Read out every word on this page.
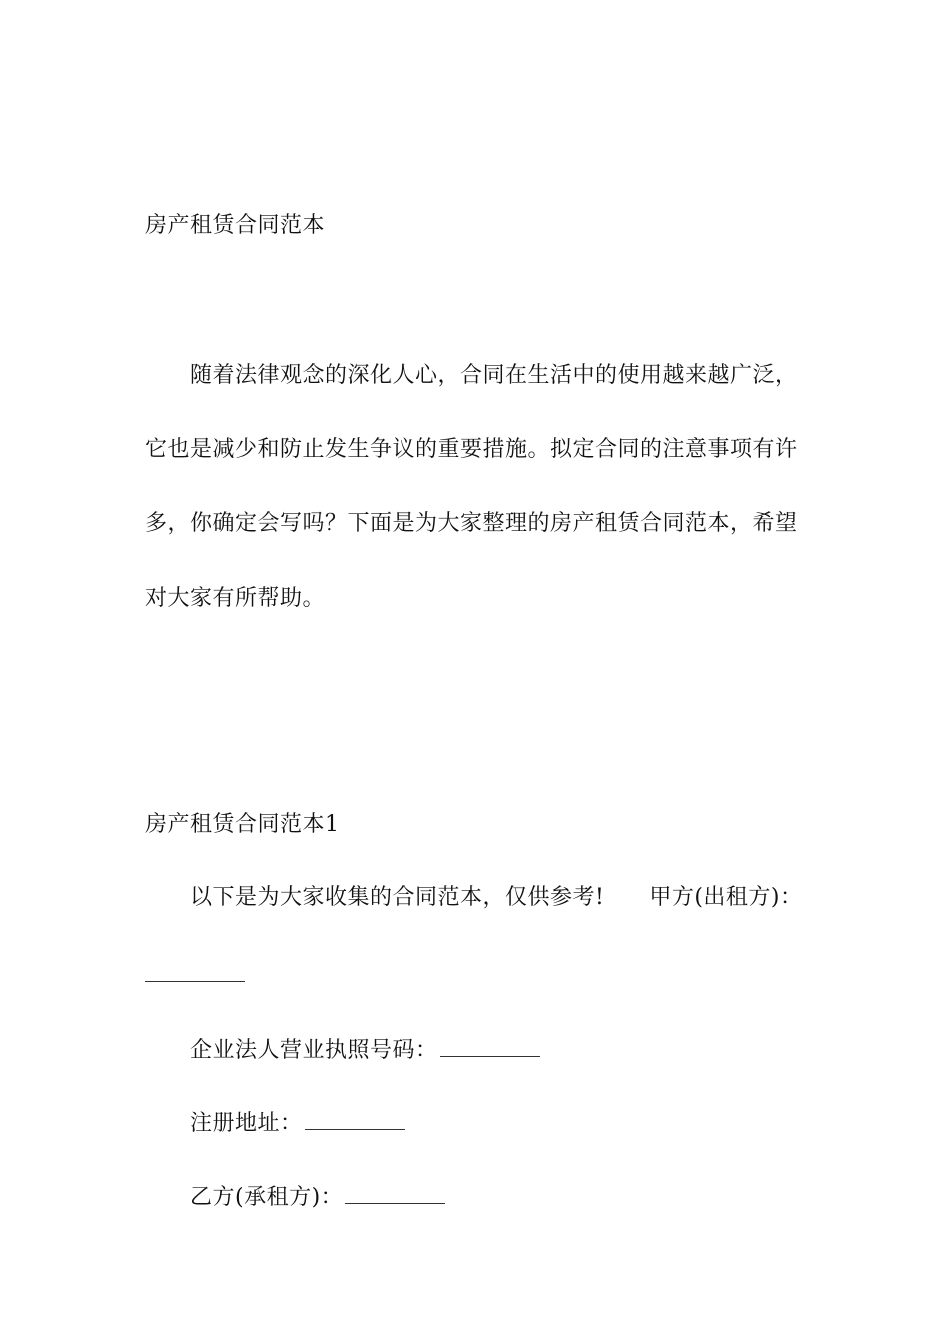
房产租赁合同范本
随着法律观念的深化人心，合同在生活中的使用越来越广泛，
它也是减少和防止发生争议的重要措施。拟定合同的注意事项有许
多，你确定会写吗？下面是为大家整理的房产租赁合同范本，希望
对大家有所帮助。
房产租赁合同范本1
以下是为大家收集的合同范本，仅供参考!　　甲方(出租方)：
企业法人营业执照号码：
注册地址：
乙方(承租方)：
